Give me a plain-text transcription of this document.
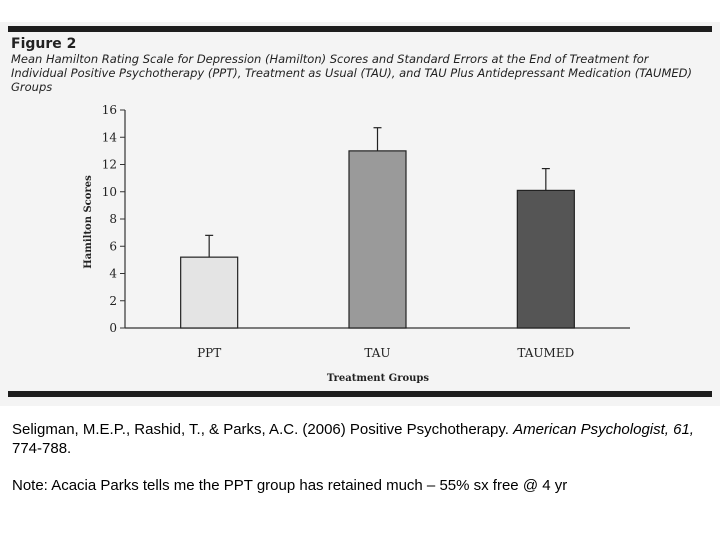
Figure 2
Mean Hamilton Rating Scale for Depression (Hamilton) Scores and Standard Errors at the End of Treatment for Individual Positive Psychotherapy (PPT), Treatment as Usual (TAU), and TAU Plus Antidepressant Medication (TAUMED) Groups
0
2
4
6
8
10
12
14
16
PPT	TAU	TAUMED
Hamilton Scores
Treatment Groups
Seligman, M.E.P., Rashid, T., & Parks, A.C. (2006) Positive Psychotherapy. American Psychologist, 61, 774-788.
Note: Acacia Parks tells me the PPT group has retained much – 55% sx free @ 4 yr
